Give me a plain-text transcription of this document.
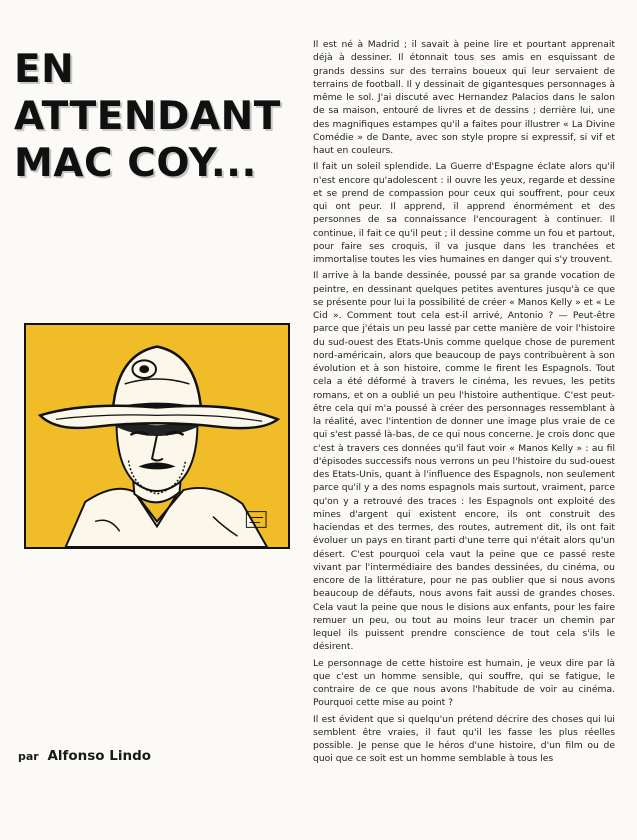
EN
ATTENDANT
MAC COY...

par Alfonso Lindo

Il est né à Madrid ; il savait à peine lire et pourtant apprenait déjà à dessiner. Il étonnait tous ses amis en esquissant de grands dessins sur des terrains boueux qui leur servaient de terrains de football. Il y dessinait de gigantesques personnages à même le sol. J'ai discuté avec Hernandez Palacios dans le salon de sa maison, entouré de livres et de dessins ; derrière lui, une des magnifiques estampes qu'il a faites pour illustrer « La Divine Comédie » de Dante, avec son style propre si expressif, si vif et haut en couleurs.

Il fait un soleil splendide. La Guerre d'Espagne éclate alors qu'il n'est encore qu'adolescent : il ouvre les yeux, regarde et dessine et se prend de compassion pour ceux qui souffrent, pour ceux qui ont peur. Il apprend, il apprend énormément et des personnes de sa connaissance l'encouragent à continuer. Il continue, il fait ce qu'il peut ; il dessine comme un fou et partout, pour faire ses croquis, il va jusque dans les tranchées et immortalise toutes les vies humaines en danger qui s'y trouvent.

Il arrive à la bande dessinée, poussé par sa grande vocation de peintre, en dessinant quelques petites aventures jusqu'à ce que se présente pour lui la possibilité de créer « Manos Kelly » et « Le Cid ». Comment tout cela est-il arrivé, Antonio ? — Peut-être parce que j'étais un peu lassé par cette manière de voir l'histoire du sud-ouest des Etats-Unis comme quelque chose de purement nord-américain, alors que beaucoup de pays contribuèrent à son évolution et à son histoire, comme le firent les Espagnols. Tout cela a été déformé à travers le cinéma, les revues, les petits romans, et on a oublié un peu l'histoire authentique. C'est peut-être cela qui m'a poussé à créer des personnages ressemblant à la réalité, avec l'intention de donner une image plus vraie de ce qui s'est passé là-bas, de ce qui nous concerne. Je crois donc que c'est à travers ces données qu'il faut voir « Manos Kelly » : au fil d'épisodes successifs nous verrons un peu l'histoire du sud-ouest des Etats-Unis, quant à l'influence des Espagnols, non seulement parce qu'il y a des noms espagnols mais surtout, vraiment, parce qu'on y a retrouvé des traces : les Espagnols ont exploité des mines d'argent qui existent encore, ils ont construit des haciendas et des termes, des routes, autrement dit, ils ont fait évoluer un pays en tirant parti d'une terre qui n'était alors qu'un désert. C'est pourquoi cela vaut la peine que ce passé reste vivant par l'intermédiaire des bandes dessinées, du cinéma, ou encore de la littérature, pour ne pas oublier que si nous avons beaucoup de défauts, nous avons fait aussi de grandes choses. Cela vaut la peine que nous le disions aux enfants, pour les faire remuer un peu, ou tout au moins leur tracer un chemin par lequel ils puissent prendre conscience de tout cela s'ils le désirent.

Le personnage de cette histoire est humain, je veux dire par là que c'est un homme sensible, qui souffre, qui se fatigue, le contraire de ce que nous avons l'habitude de voir au cinéma. Pourquoi cette mise au point ?

Il est évident que si quelqu'un prétend décrire des choses qui lui semblent être vraies, il faut qu'il les fasse les plus réelles possible. Je pense que le héros d'une histoire, d'un film ou de quoi que ce soit est un homme semblable à tous les
